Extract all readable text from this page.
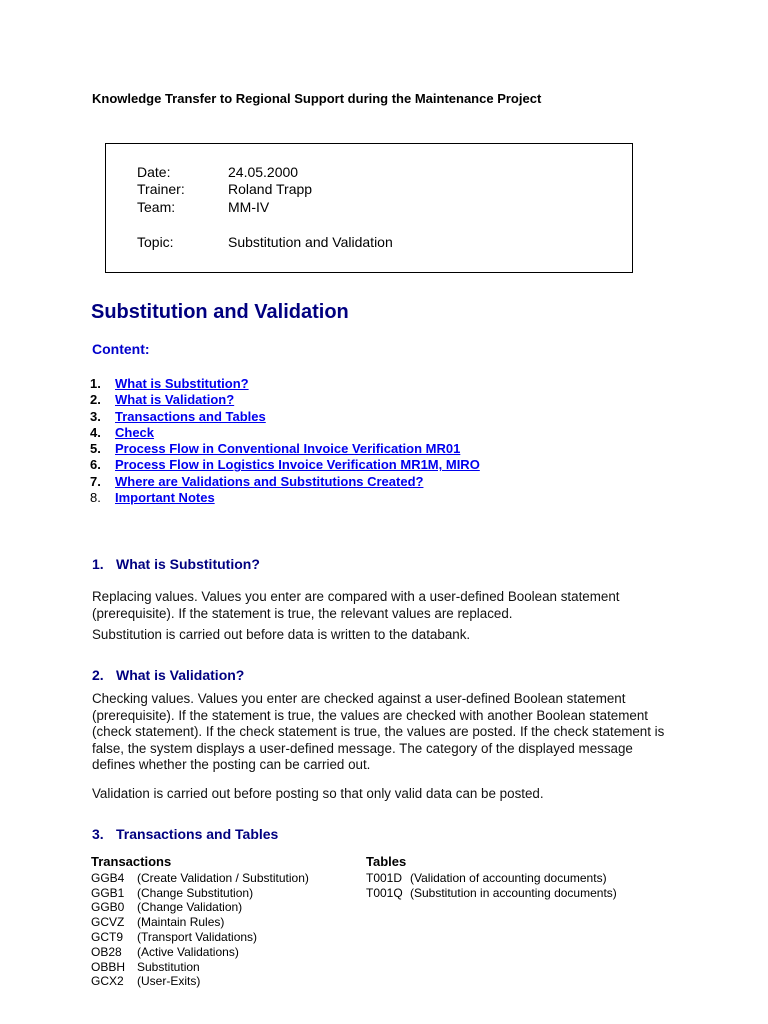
Knowledge Transfer to Regional Support during the Maintenance Project
Date:	24.05.2000
Trainer:	Roland Trapp
Team:	MM-IV
Topic:	Substitution and Validation
Substitution and Validation
Content:
1. What is Substitution?
2. What is Validation?
3. Transactions and Tables
4. Check
5. Process Flow in Conventional Invoice Verification MR01
6. Process Flow in Logistics Invoice Verification MR1M, MIRO
7. Where are Validations and Substitutions Created?
8. Important Notes
1. What is Substitution?

Replacing values. Values you enter are compared with a user-defined Boolean statement (prerequisite). If the statement is true, the relevant values are replaced.

Substitution is carried out before data is written to the databank.

2. What is Validation?

Checking values. Values you enter are checked against a user-defined Boolean statement (prerequisite). If the statement is true, the values are checked with another Boolean statement (check statement). If the check statement is true, the values are posted. If the check statement is false, the system displays a user-defined message. The category of the displayed message defines whether the posting can be carried out.

Validation is carried out before posting so that only valid data can be posted.

3. Transactions and Tables
Transactions
GGB4 (Create Validation / Substitution)
GGB1 (Change Substitution)
GGB0 (Change Validation)
GCVZ (Maintain Rules)
GCT9 (Transport Validations)
OB28 (Active Validations)
OBBH Substitution
GCX2 (User-Exits)
Tables
T001D (Validation of accounting documents)
T001Q (Substitution in accounting documents)
